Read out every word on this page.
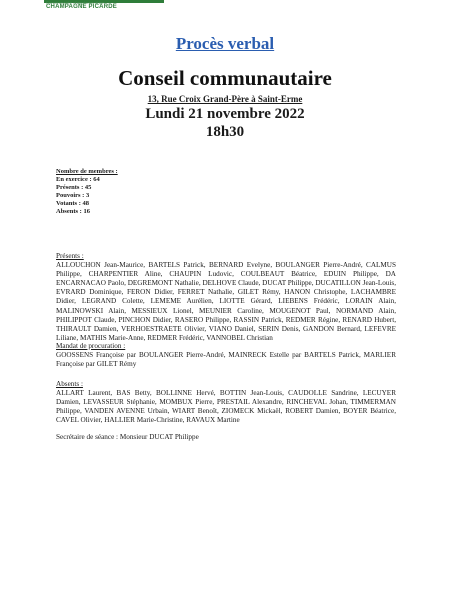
Communauté d'agglomération
CHAMPAGNE PICARDE
Procès verbal
Conseil communautaire
13, Rue Croix Grand-Père à Saint-Erme
Lundi 21 novembre 2022
18h30
Nombre de membres :
En exercice : 64
Présents : 45
Pouvoirs : 3
Votants : 48
Absents : 16
Présents :

ALLOUCHON Jean-Maurice, BARTELS Patrick, BERNARD Evelyne, BOULANGER Pierre-André, CALMUS Philippe, CHARPENTIER Aline, CHAUPIN Ludovic, COULBEAUT Béatrice, EDUIN Philippe, DA ENCARNACAO Paolo, DEGREMONT Nathalie, DELHOVE Claude, DUCAT Philippe, DUCATILLON Jean-Louis, EVRARD Dominique, FERON Didier, FERRET Nathalie, GILET Rémy, HANON Christophe, LACHAMBRE Didier, LEGRAND Colette, LEMEME Aurélien, LIOTTE Gérard, LIEBENS Frédéric, LORAIN Alain, MALINOWSKI Alain, MESSIEUX Lionel, MEUNIER Caroline, MOUGENOT Paul, NORMAND Alain, PHILIPPOT Claude, PINCHON Didier, RASERO Philippe, RASSIN Patrick, REDMER Régine, RENARD Hubert, THIRAULT Damien, VERHOESTRAETE Olivier, VIANO Daniel, SERIN Denis, GANDON Bernard, LEFEVRE Liliane, MATHIS Marie-Anne, REDMER Frédéric, VANNOBEL Christian

Mandat de procuration :

GOOSSENS Françoise par BOULANGER Pierre-André, MAINRECK Estelle par BARTELS Patrick, MARLIER Françoise par GILET Rémy

Absents :

ALLART Laurent, BAS Betty, BOLLINNE Hervé, BOTTIN Jean-Louis, CAUDOLLE Sandrine, LECUYER Damien, LEVASSEUR Stéphanie, MOMBUX Pierre, PRESTAIL Alexandre, RINCHEVAL Johan, TIMMERMAN Philippe, VANDEN AVENNE Urbain, WIART Benoît, ZIOMECK Mickaël, ROBERT Damien, BOYER Béatrice, CAVEL Olivier, HALLIER Marie-Christine, RAVAUX Martine

Secrétaire de séance : Monsieur DUCAT Philippe
